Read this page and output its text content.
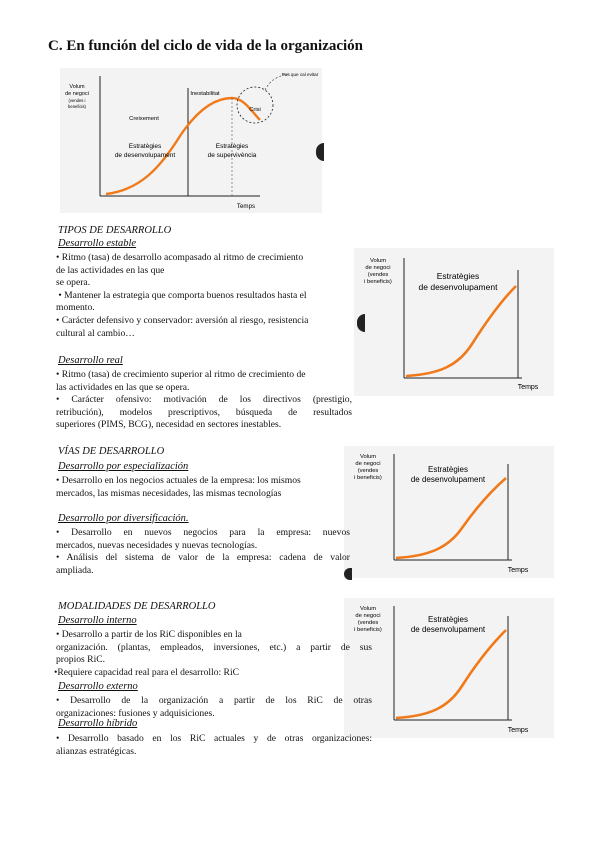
C. En función del ciclo de vida de la organización
Volum
de negoci
(vendes i
beneficis)
Creixement
Inestabilitat
Crisi
Pas que cal evitar
Estratègies
de desenvolupament
Estratègies
de supervivència
Temps
Volum
de negoci
(vendes
i beneficis)
Estratègies
de desenvolupament
Temps
Volum
de negoci
(vendes
i beneficis)
Estratègies
de desenvolupament
Temps
Volum
de negoci
(vendes
i beneficis)
Estratègies
de desenvolupament
Temps
TIPOS DE DESARROLLO
Desarrollo estable

• Ritmo (tasa) de desarrollo acompasado al ritmo de crecimiento

de las actividades en las que

se opera.

• Mantener la estrategia que comporta buenos resultados hasta el

momento.

• Carácter defensivo y conservador: aversión al riesgo, resistencia

cultural al cambio…

Desarrollo real

• Ritmo (tasa) de crecimiento superior al ritmo de crecimiento de

las actividades en las que se opera.

• Carácter ofensivo: motivación de los directivos (prestigio,

retribución), modelos prescriptivos, búsqueda de resultados

superiores (PIMS, BCG), necesidad en sectores inestables.

VÍAS DE DESARROLLO
Desarrollo por especialización

• Desarrollo en los negocios actuales de la empresa: los mismos

mercados, las mismas necesidades, las mismas tecnologías

Desarrollo por diversificación.

• Desarrollo en nuevos negocios para la empresa: nuevos

mercados, nuevas necesidades y nuevas tecnologías.

• Análisis del sistema de valor de la empresa: cadena de valor

ampliada.

MODALIDADES DE DESARROLLO
Desarrollo interno

• Desarrollo a partir de los RiC disponibles en la

organización. (plantas, empleados, inversiones, etc.) a partir de sus

propios RiC.

•Requiere capacidad real para el desarrollo: RiC

Desarrollo externo

• Desarrollo de la organización a partir de los RiC de otras

organizaciones: fusiones y adquisiciones.

Desarrollo híbrido

• Desarrollo basado en los RiC actuales y de otras organizaciones:

alianzas estratégicas.
